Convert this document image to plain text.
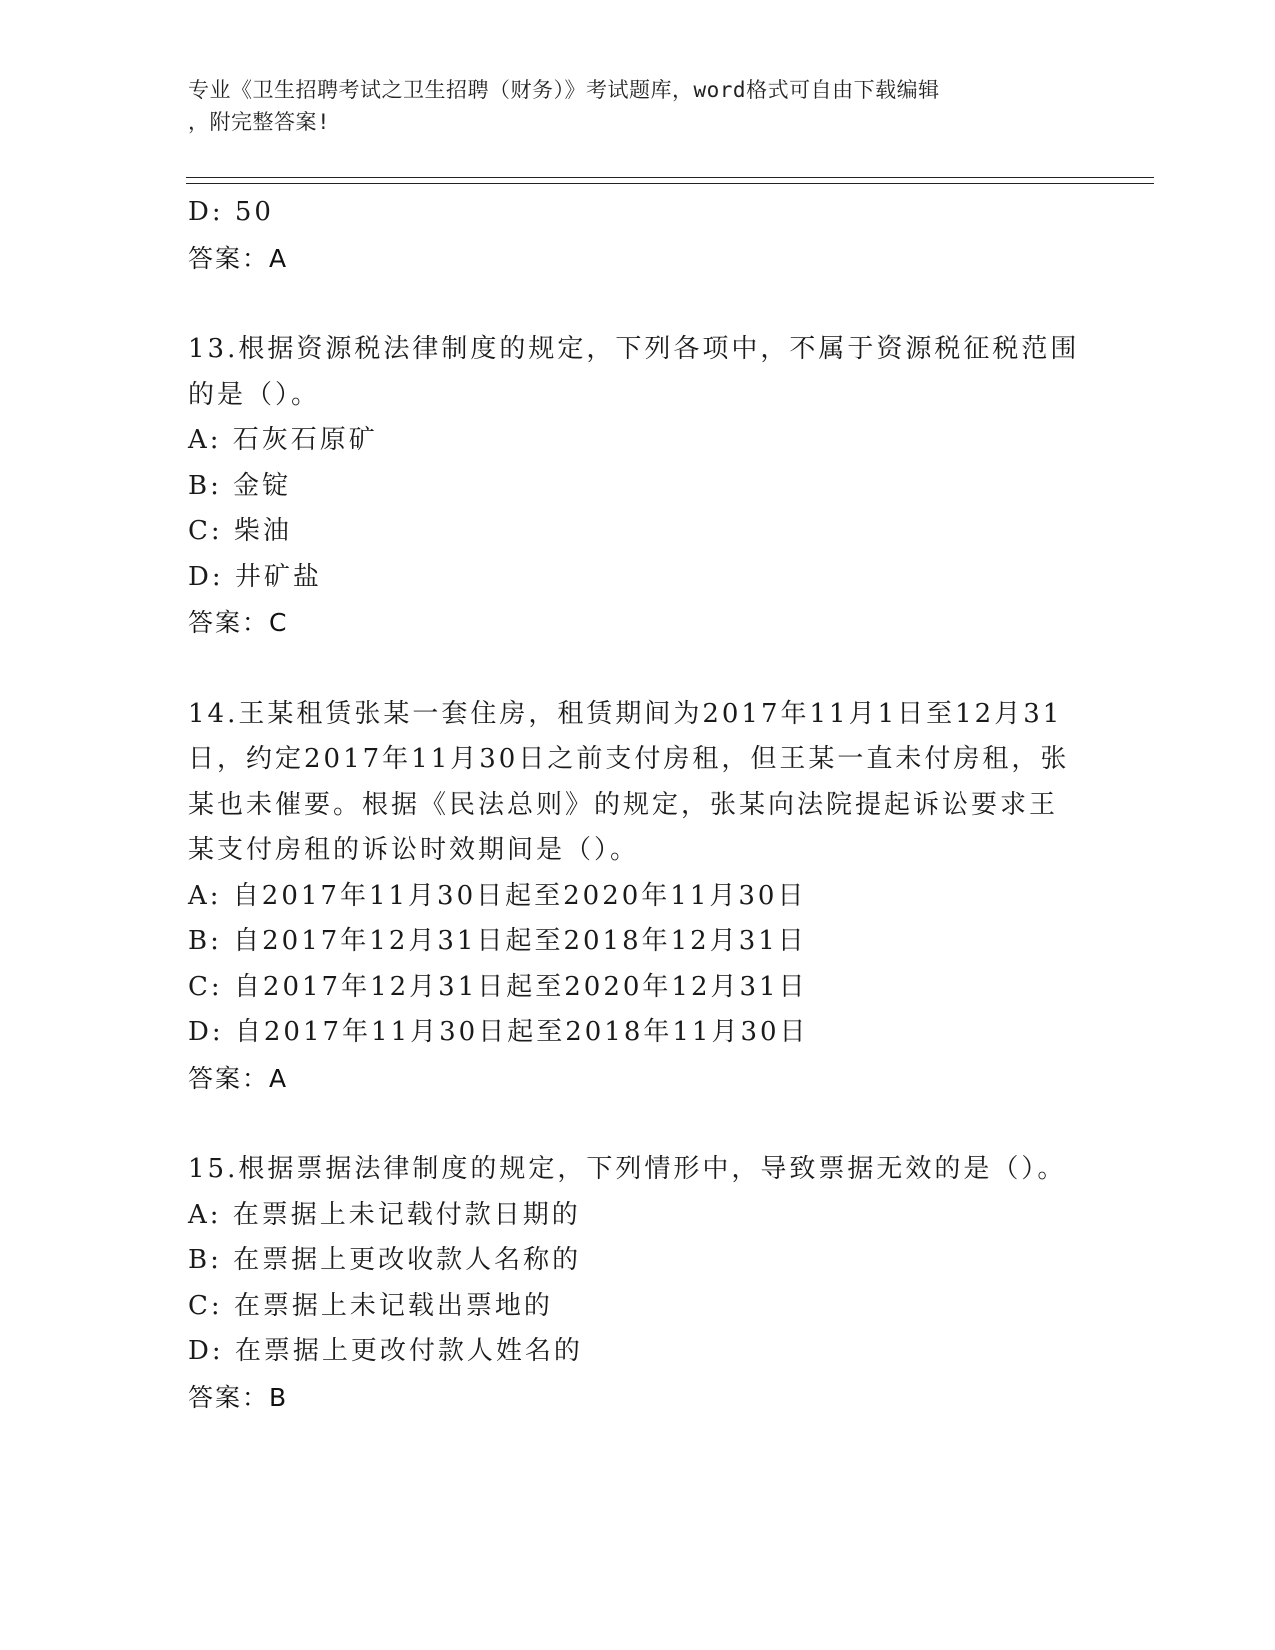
专业《卫生招聘考试之卫生招聘（财务）》考试题库，word格式可自由下载编辑
，附完整答案!
D: 50
答案：A
13.根据资源税法律制度的规定，下列各项中，不属于资源税征税范围
的是（）。
A: 石灰石原矿
B: 金锭
C: 柴油
D: 井矿盐
答案：C
14.王某租赁张某一套住房，租赁期间为2017年11月1日至12月31
日，约定2017年11月30日之前支付房租，但王某一直未付房租，张
某也未催要。根据《民法总则》的规定，张某向法院提起诉讼要求王
某支付房租的诉讼时效期间是（）。
A: 自2017年11月30日起至2020年11月30日
B: 自2017年12月31日起至2018年12月31日
C: 自2017年12月31日起至2020年12月31日
D: 自2017年11月30日起至2018年11月30日
答案：A
15.根据票据法律制度的规定，下列情形中，导致票据无效的是（）。
A: 在票据上未记载付款日期的
B: 在票据上更改收款人名称的
C: 在票据上未记载出票地的
D: 在票据上更改付款人姓名的
答案：B
